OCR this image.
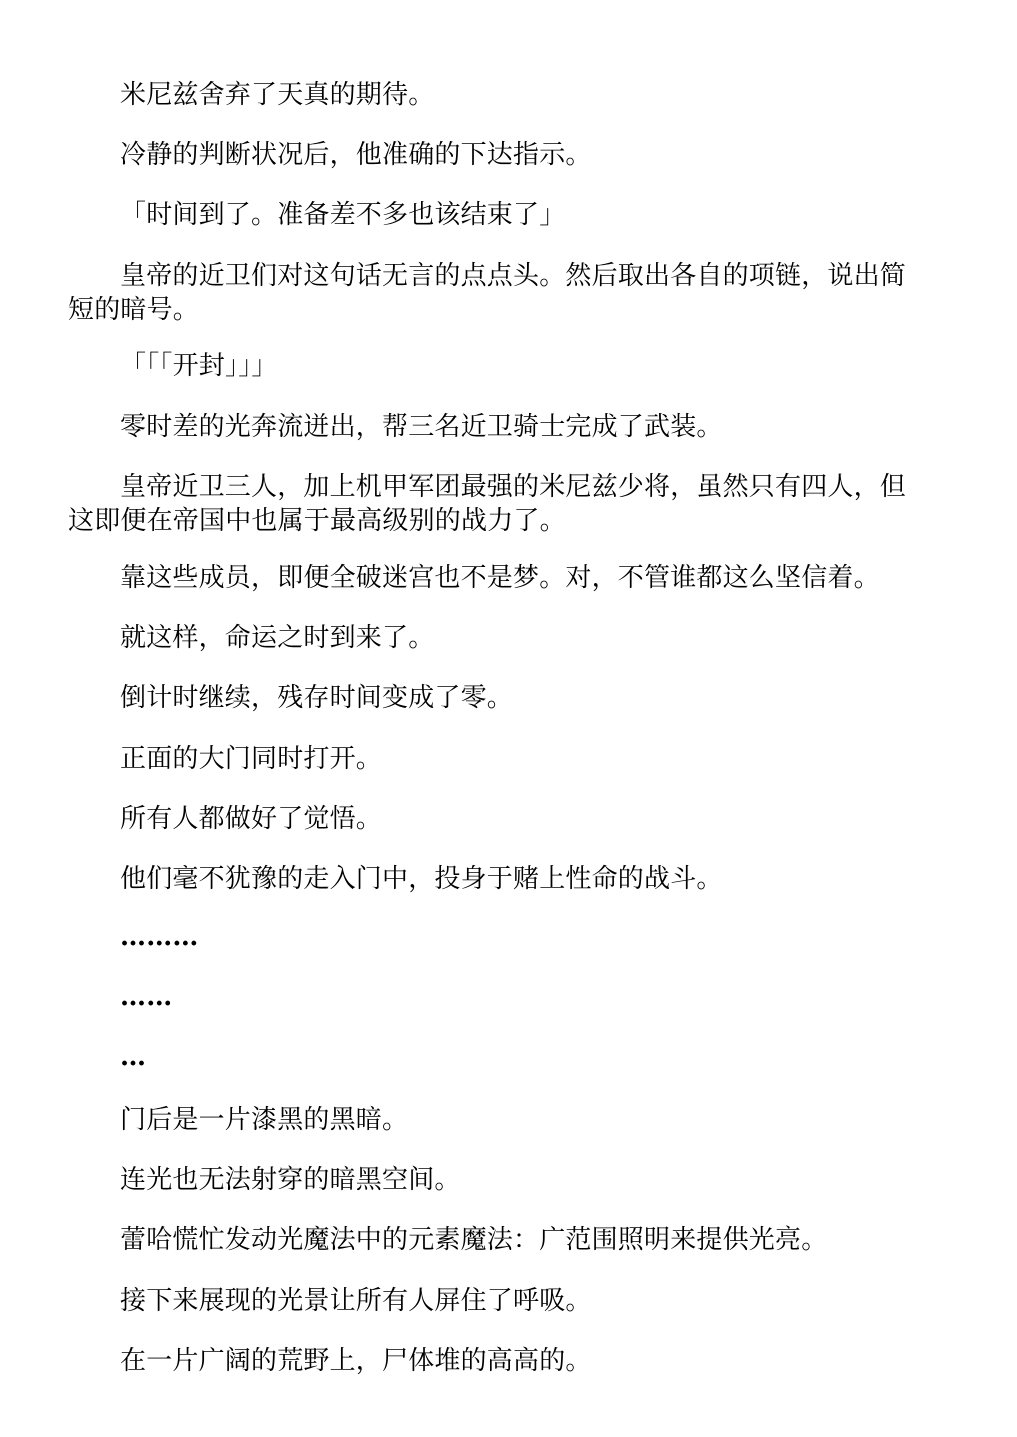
米尼兹舍弃了天真的期待。

冷静的判断状况后，他准确的下达指示。

「时间到了。准备差不多也该结束了」

皇帝的近卫们对这句话无言的点点头。然后取出各自的项链，说出简短的暗号。

「「「开封」」」

零时差的光奔流迸出，帮三名近卫骑士完成了武装。

皇帝近卫三人，加上机甲军团最强的米尼兹少将，虽然只有四人，但这即便在帝国中也属于最高级别的战力了。

靠这些成员，即便全破迷宫也不是梦。对，不管谁都这么坚信着。

就这样，命运之时到来了。

倒计时继续，残存时间变成了零。

正面的大门同时打开。

所有人都做好了觉悟。

他们毫不犹豫的走入门中，投身于赌上性命的战斗。

………

……

…

门后是一片漆黑的黑暗。

连光也无法射穿的暗黑空间。

蕾哈慌忙发动光魔法中的元素魔法：广范围照明来提供光亮。

接下来展现的光景让所有人屏住了呼吸。

在一片广阔的荒野上，尸体堆的高高的。
